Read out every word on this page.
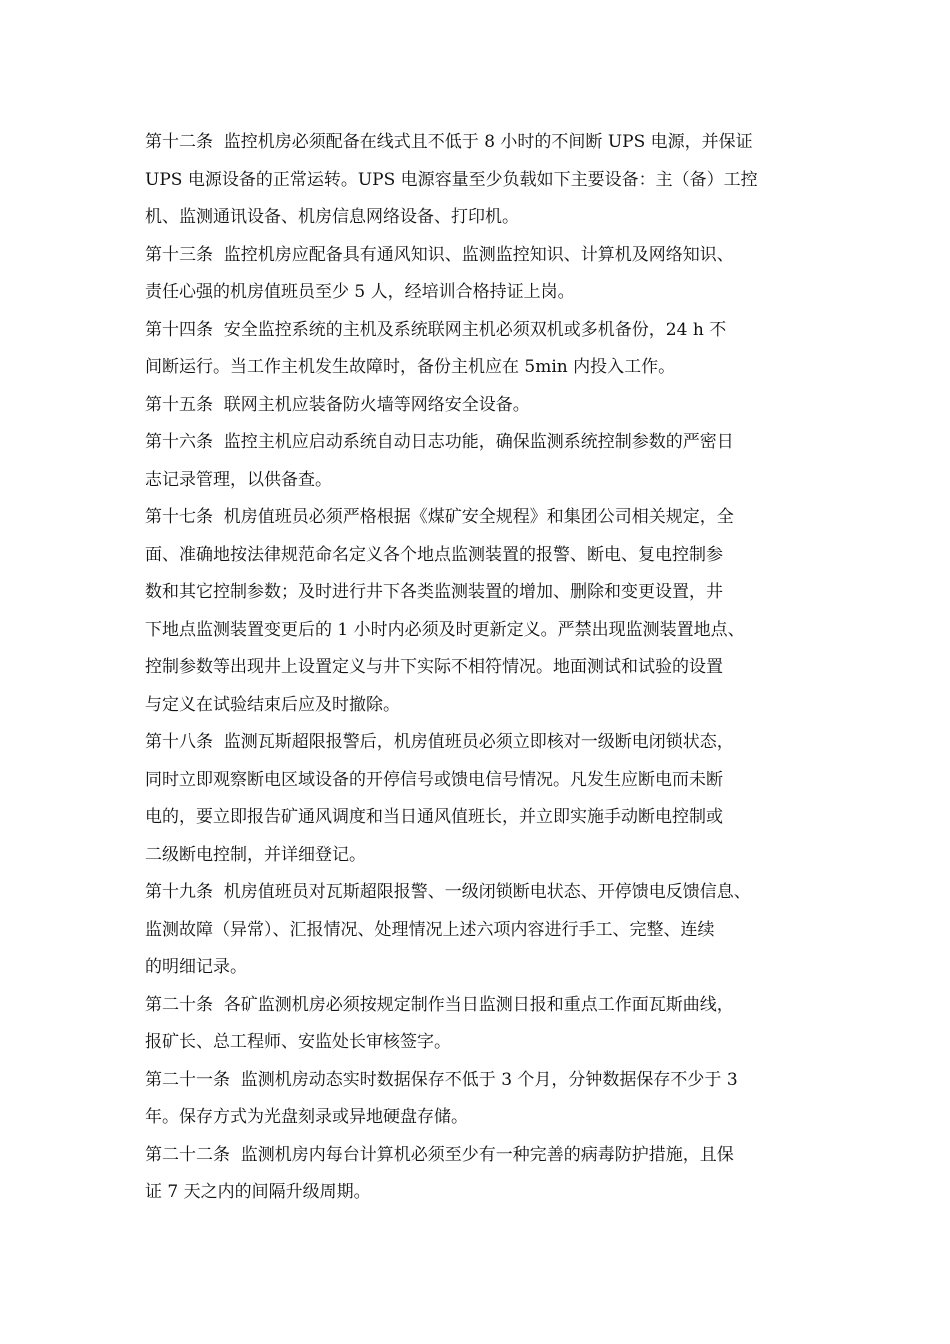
第十二条  监控机房必须配备在线式且不低于 8 小时的不间断 UPS 电源，并保证
UPS 电源设备的正常运转。UPS 电源容量至少负载如下主要设备：主（备）工控
机、监测通讯设备、机房信息网络设备、打印机。
第十三条  监控机房应配备具有通风知识、监测监控知识、计算机及网络知识、
责任心强的机房值班员至少 5 人，经培训合格持证上岗。
第十四条  安全监控系统的主机及系统联网主机必须双机或多机备份，24 h 不
间断运行。当工作主机发生故障时，备份主机应在 5min 内投入工作。
第十五条  联网主机应装备防火墙等网络安全设备。
第十六条  监控主机应启动系统自动日志功能，确保监测系统控制参数的严密日
志记录管理，以供备查。
第十七条  机房值班员必须严格根据《煤矿安全规程》和集团公司相关规定，全
面、准确地按法律规范命名定义各个地点监测装置的报警、断电、复电控制参
数和其它控制参数；及时进行井下各类监测装置的增加、删除和变更设置，井
下地点监测装置变更后的 1 小时内必须及时更新定义。严禁出现监测装置地点、
控制参数等出现井上设置定义与井下实际不相符情况。地面测试和试验的设置
与定义在试验结束后应及时撤除。
第十八条  监测瓦斯超限报警后，机房值班员必须立即核对一级断电闭锁状态，
同时立即观察断电区域设备的开停信号或馈电信号情况。凡发生应断电而未断
电的，要立即报告矿通风调度和当日通风值班长，并立即实施手动断电控制或
二级断电控制，并详细登记。
第十九条  机房值班员对瓦斯超限报警、一级闭锁断电状态、开停馈电反馈信息、
监测故障（异常）、汇报情况、处理情况上述六项内容进行手工、完整、连续
的明细记录。
第二十条  各矿监测机房必须按规定制作当日监测日报和重点工作面瓦斯曲线，
报矿长、总工程师、安监处长审核签字。
第二十一条  监测机房动态实时数据保存不低于 3 个月，分钟数据保存不少于 3
年。保存方式为光盘刻录或异地硬盘存储。
第二十二条  监测机房内每台计算机必须至少有一种完善的病毒防护措施，且保
证 7 天之内的间隔升级周期。
